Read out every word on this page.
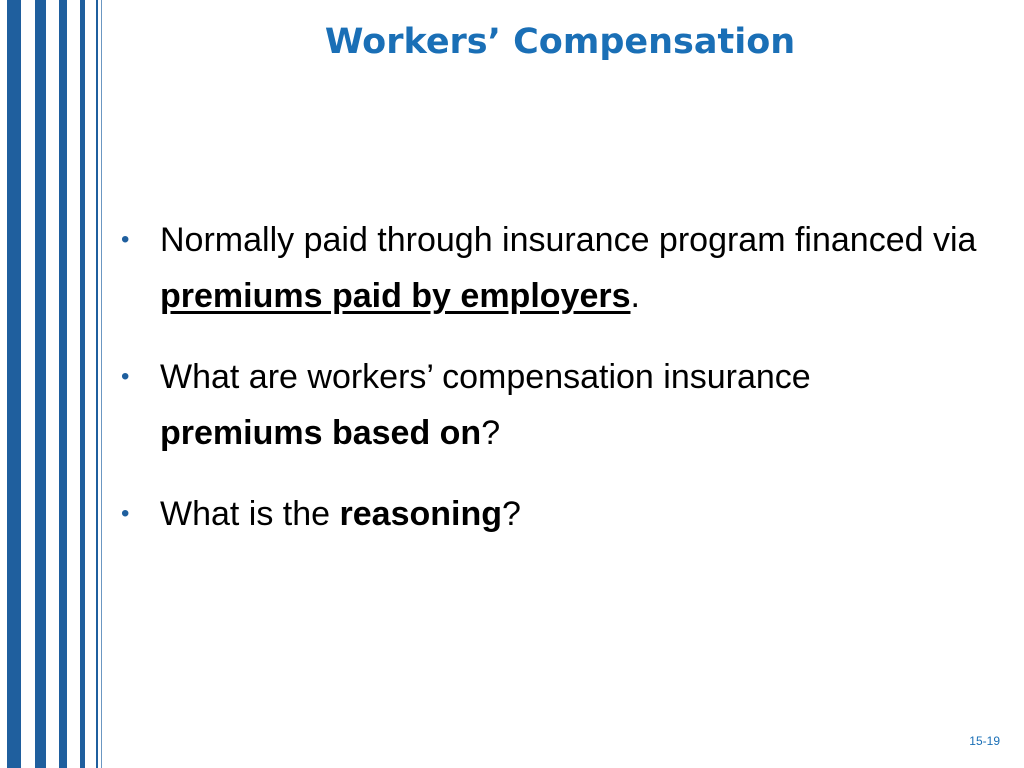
Workers’ Compensation
• Normally paid through insurance program financed via premiums paid by employers.
• What are workers’ compensation insurance premiums based on?
• What is the reasoning?
15-19
